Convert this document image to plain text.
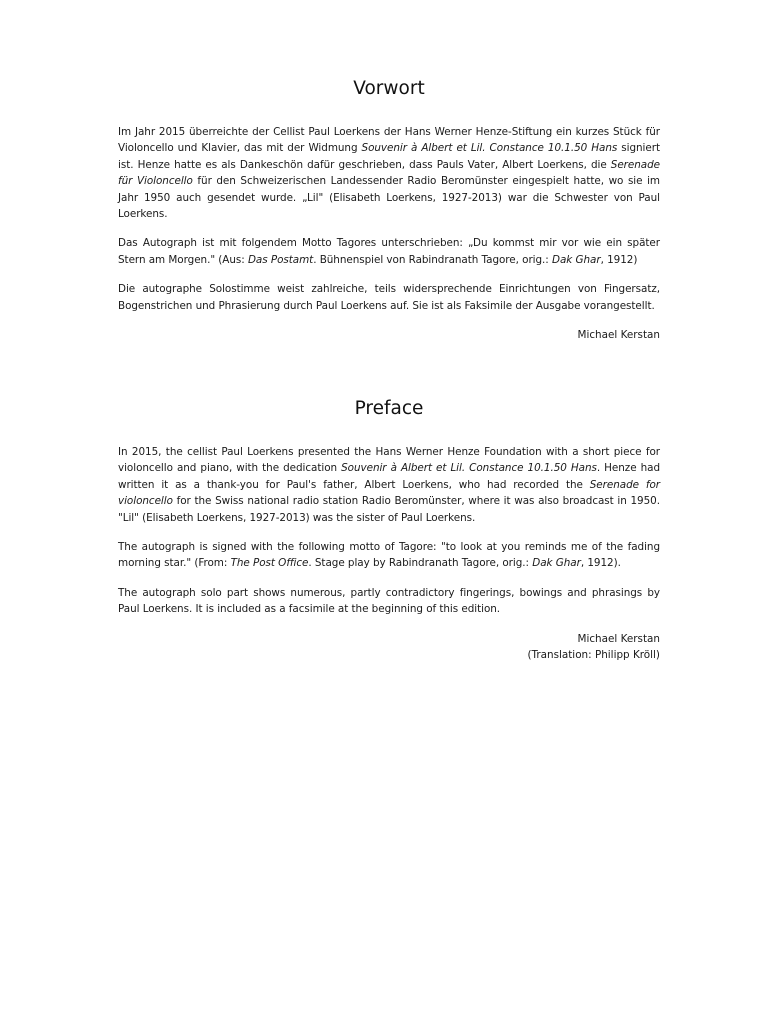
Vorwort

Im Jahr 2015 überreichte der Cellist Paul Loerkens der Hans Werner Henze-Stiftung ein kurzes Stück für Violoncello und Klavier, das mit der Widmung Souvenir à Albert et Lil. Constance 10.1.50 Hans signiert ist. Henze hatte es als Dankeschön dafür geschrieben, dass Pauls Vater, Albert Loerkens, die Serenade für Violoncello für den Schweizerischen Landessender Radio Beromünster eingespielt hatte, wo sie im Jahr 1950 auch gesendet wurde. „Lil" (Elisabeth Loerkens, 1927-2013) war die Schwester von Paul Loerkens.

Das Autograph ist mit folgendem Motto Tagores unterschrieben: „Du kommst mir vor wie ein später Stern am Morgen." (Aus: Das Postamt. Bühnenspiel von Rabindranath Tagore, orig.: Dak Ghar, 1912)

Die autographe Solostimme weist zahlreiche, teils widersprechende Einrichtungen von Fingersatz, Bogenstrichen und Phrasierung durch Paul Loerkens auf. Sie ist als Faksimile der Ausgabe vorangestellt.

Michael Kerstan

Preface

In 2015, the cellist Paul Loerkens presented the Hans Werner Henze Foundation with a short piece for violoncello and piano, with the dedication Souvenir à Albert et Lil. Constance 10.1.50 Hans. Henze had written it as a thank-you for Paul's father, Albert Loerkens, who had recorded the Serenade for violoncello for the Swiss national radio station Radio Beromünster, where it was also broadcast in 1950. "Lil" (Elisabeth Loerkens, 1927-2013) was the sister of Paul Loerkens.

The autograph is signed with the following motto of Tagore: "to look at you reminds me of the fading morning star." (From: The Post Office. Stage play by Rabindranath Tagore, orig.: Dak Ghar, 1912).

The autograph solo part shows numerous, partly contradictory fingerings, bowings and phrasings by Paul Loerkens. It is included as a facsimile at the beginning of this edition.

Michael Kerstan

(Translation: Philipp Kröll)
